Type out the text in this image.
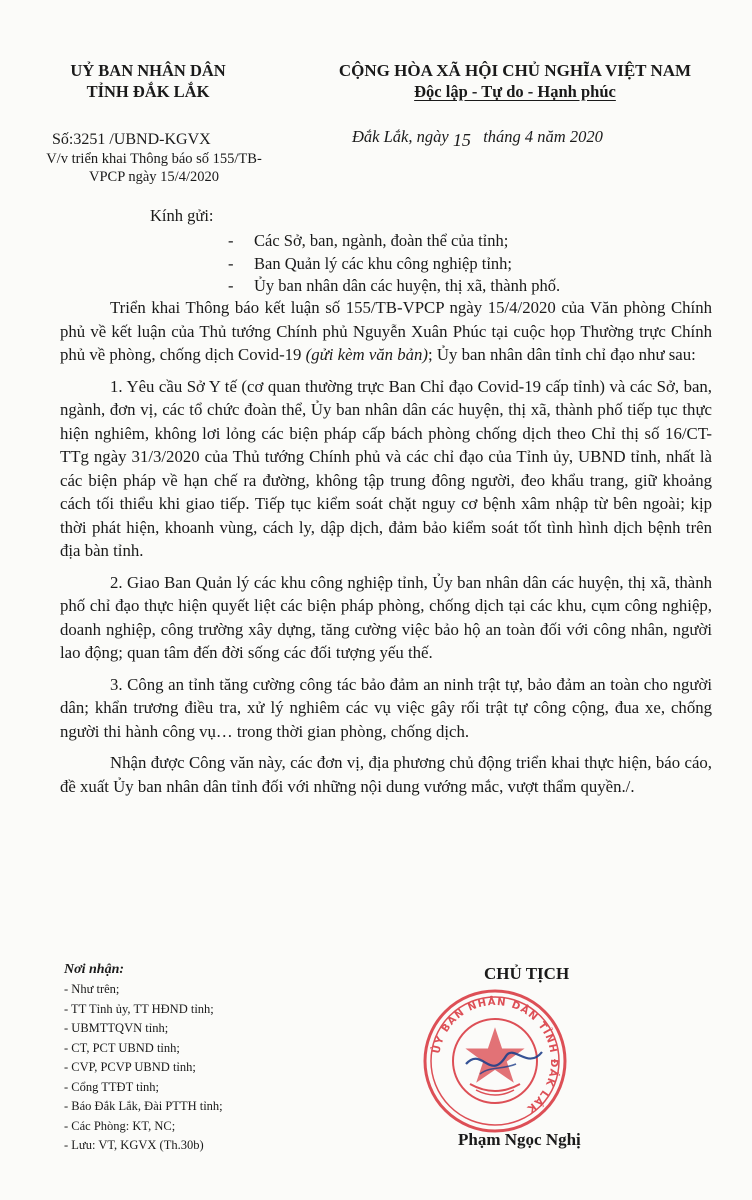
UỶ BAN NHÂN DÂN
TỈNH ĐẮK LẮK
CỘNG HÒA XÃ HỘI CHỦ NGHĨA VIỆT NAM
Độc lập - Tự do - Hạnh phúc
Số:3251 /UBND-KGVX
V/v triển khai Thông báo số 155/TB-
VPCP ngày 15/4/2020
Đắk Lắk, ngày 15 tháng 4 năm 2020
Kính gửi:
- Các Sở, ban, ngành, đoàn thể của tỉnh;
- Ban Quản lý các khu công nghiệp tỉnh;
- Ủy ban nhân dân các huyện, thị xã, thành phố.

Triển khai Thông báo kết luận số 155/TB-VPCP ngày 15/4/2020 của Văn phòng Chính phủ về kết luận của Thủ tướng Chính phủ Nguyễn Xuân Phúc tại cuộc họp Thường trực Chính phủ về phòng, chống dịch Covid-19 (gửi kèm văn bản); Ủy ban nhân dân tỉnh chỉ đạo như sau:

1. Yêu cầu Sở Y tế (cơ quan thường trực Ban Chỉ đạo Covid-19 cấp tỉnh) và các Sở, ban, ngành, đơn vị, các tổ chức đoàn thể, Ủy ban nhân dân các huyện, thị xã, thành phố tiếp tục thực hiện nghiêm, không lơi lỏng các biện pháp cấp bách phòng chống dịch theo Chỉ thị số 16/CT-TTg ngày 31/3/2020 của Thủ tướng Chính phủ và các chỉ đạo của Tỉnh ủy, UBND tỉnh, nhất là các biện pháp về hạn chế ra đường, không tập trung đông người, đeo khẩu trang, giữ khoảng cách tối thiểu khi giao tiếp. Tiếp tục kiểm soát chặt nguy cơ bệnh xâm nhập từ bên ngoài; kịp thời phát hiện, khoanh vùng, cách ly, dập dịch, đảm bảo kiểm soát tốt tình hình dịch bệnh trên địa bàn tỉnh.

2. Giao Ban Quản lý các khu công nghiệp tỉnh, Ủy ban nhân dân các huyện, thị xã, thành phố chỉ đạo thực hiện quyết liệt các biện pháp phòng, chống dịch tại các khu, cụm công nghiệp, doanh nghiệp, công trường xây dựng, tăng cường việc bảo hộ an toàn đối với công nhân, người lao động; quan tâm đến đời sống các đối tượng yếu thế.

3. Công an tỉnh tăng cường công tác bảo đảm an ninh trật tự, bảo đảm an toàn cho người dân; khẩn trương điều tra, xử lý nghiêm các vụ việc gây rối trật tự công cộng, đua xe, chống người thi hành công vụ… trong thời gian phòng, chống dịch.

Nhận được Công văn này, các đơn vị, địa phương chủ động triển khai thực hiện, báo cáo, đề xuất Ủy ban nhân dân tỉnh đối với những nội dung vướng mắc, vượt thẩm quyền./.

Nơi nhận:
- Như trên;
- TT Tỉnh ủy, TT HĐND tỉnh;
- UBMTTQVN tỉnh;
- CT, PCT UBND tỉnh;
- CVP, PCVP UBND tỉnh;
- Cổng TTĐT tỉnh;
- Báo Đắk Lắk, Đài PTTH tỉnh;
- Các Phòng: KT, NC;
- Lưu: VT, KGVX (Th.30b)
CHỦ TỊCH
ỦY BAN NHÂN DÂN TỈNH ĐẮK LẮK
Phạm Ngọc Nghị
